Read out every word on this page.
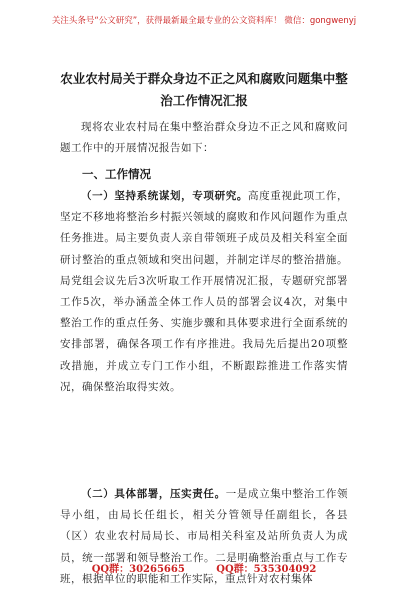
关注头条号“公文研究”，获得最新最全最专业的公文资料库！ 微信：gongwenyj
农业农村局关于群众身边不正之风和腐败问题集中整治工作情况汇报
现将农业农村局在集中整治群众身边不正之风和腐败问题工作中的开展情况报告如下：
一、工作情况
（一）坚持系统谋划，专项研究。高度重视此项工作，坚定不移地将整治乡村振兴领域的腐败和作风问题作为重点任务推进。局主要负责人亲自带领班子成员及相关科室全面研讨整治的重点领域和突出问题，并制定详尽的整治措施。局党组会议先后3次听取工作开展情况汇报，专题研究部署工作5次，举办涵盖全体工作人员的部署会议4次，对集中整治工作的重点任务、实施步骤和具体要求进行全面系统的安排部署，确保各项工作有序推进。我局先后提出20项整改措施，并成立专门工作小组，不断跟踪推进工作落实情况，确保整治取得实效。
（二）具体部署，压实责任。一是成立集中整治工作领导小组，由局长任组长，相关分管领导任副组长，各县（区）农业农村局局长、市局相关科室及站所负责人为成员，统一部署和领导整治工作。二是明确整治重点与工作专班，根据单位的职能和工作实际，重点针对农村集体
QQ群：30265665	QQ群：535304092
